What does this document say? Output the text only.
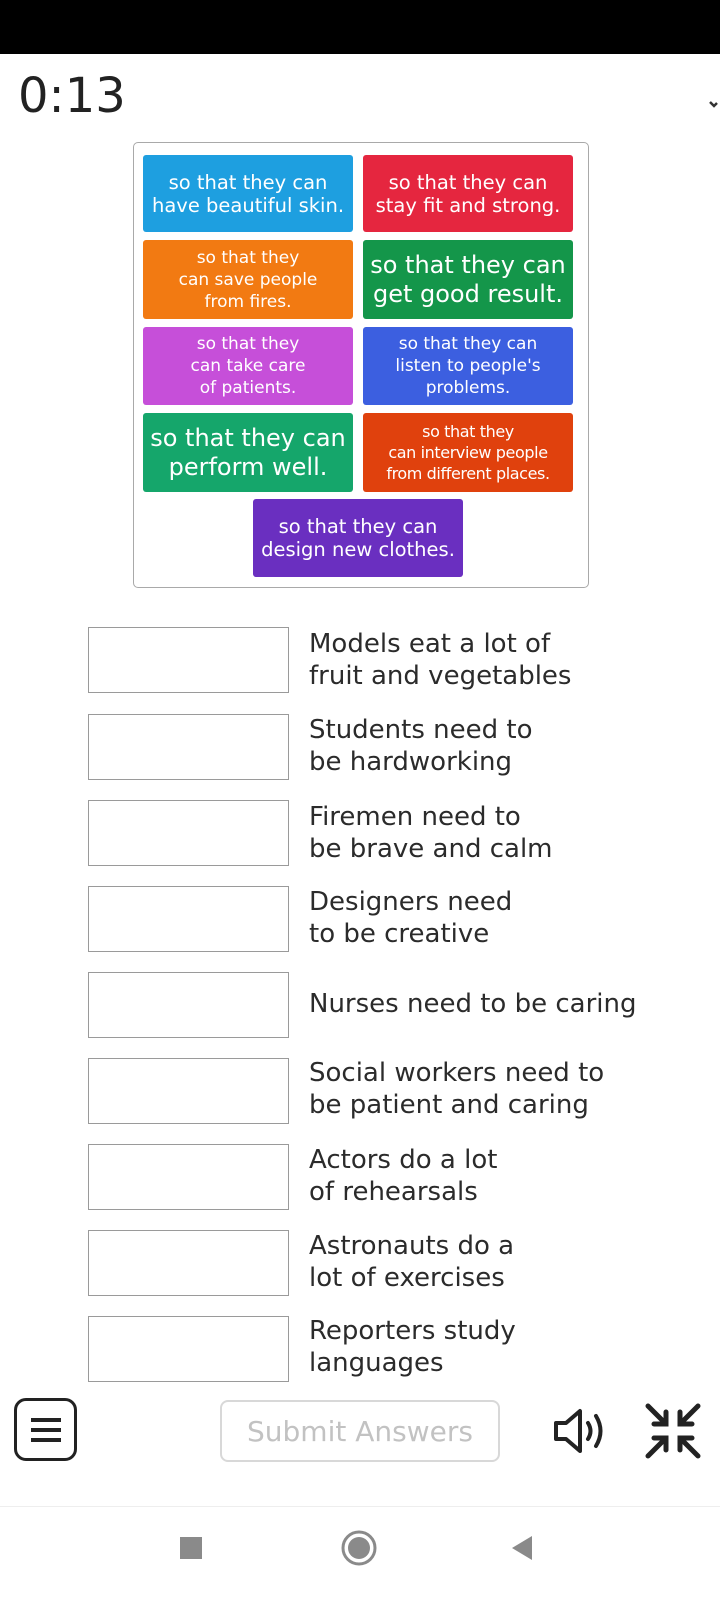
0:13
so that they can
have beautiful skin.
so that they can
stay fit and strong.
so that they
can save people
from fires.
so that they can
get good result.
so that they
can take care
of patients.
so that they can
listen to people's
problems.
so that they can
perform well.
so that they
can interview people
from different places.
so that they can
design new clothes.
Models eat a lot of
fruit and vegetables
Students need to
be hardworking
Firemen need to
be brave and calm
Designers need
to be creative
Nurses need to be caring
Social workers need to
be patient and caring
Actors do a lot
of rehearsals
Astronauts do a
lot of exercises
Reporters study
languages
Submit Answers
